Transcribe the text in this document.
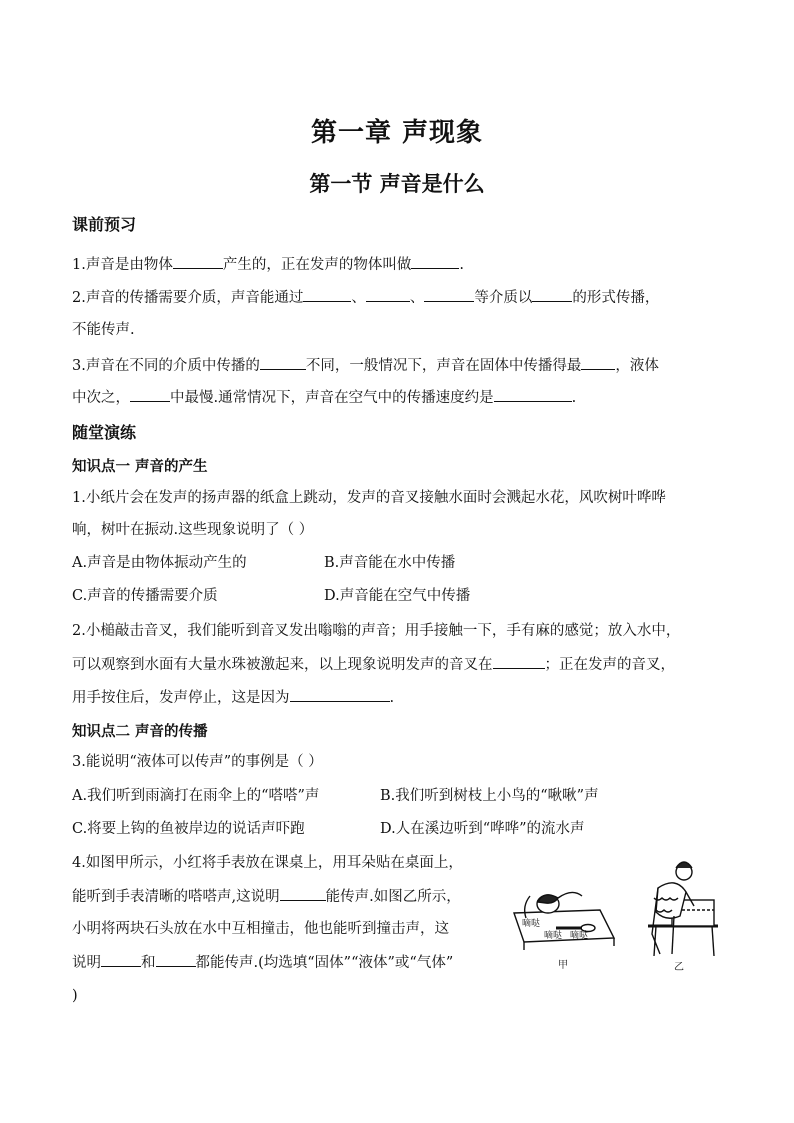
第一章 声现象
第一节 声音是什么
课前预习
1.声音是由物体	产生的，正在发声的物体叫做	.
2.声音的传播需要介质，声音能通过	、	、	等介质以	的形式传播，
不能传声.
3.声音在不同的介质中传播的	不同，一般情况下，声音在固体中传播得最 ，液体
中次之，	中最慢.通常情况下，声音在空气中的传播速度约是	.
随堂演练
知识点一 声音的产生
1.小纸片会在发声的扬声器的纸盒上跳动，发声的音叉接触水面时会溅起水花，风吹树叶哗哗
响，树叶在振动.这些现象说明了（ ）
A.声音是由物体振动产生的	B.声音能在水中传播
C.声音的传播需要介质	D.声音能在空气中传播
2.小槌敲击音叉，我们能听到音叉发出嗡嗡的声音；用手接触一下，手有麻的感觉；放入水中，
可以观察到水面有大量水珠被激起来，以上现象说明发声的音叉在	；正在发声的音叉，
用手按住后，发声停止，这是因为	.
知识点二 声音的传播
3.能说明“液体可以传声”的事例是（ ）
A.我们听到雨滴打在雨伞上的“嗒嗒”声	B.我们听到树枝上小鸟的“啾啾”声
C.将要上钩的鱼被岸边的说话声吓跑	D.人在溪边听到“哗哗”的流水声
4.如图甲所示，小红将手表放在课桌上，用耳朵贴在桌面上，
能听到手表清晰的嗒嗒声,这说明	能传声.如图乙所示，
小明将两块石头放在水中互相撞击，他也能听到撞击声，这
说明	和	都能传声.(均选填“固体”“液体”或“气体”
)
嘀哒
嘀哒 嘀哒
甲	乙
